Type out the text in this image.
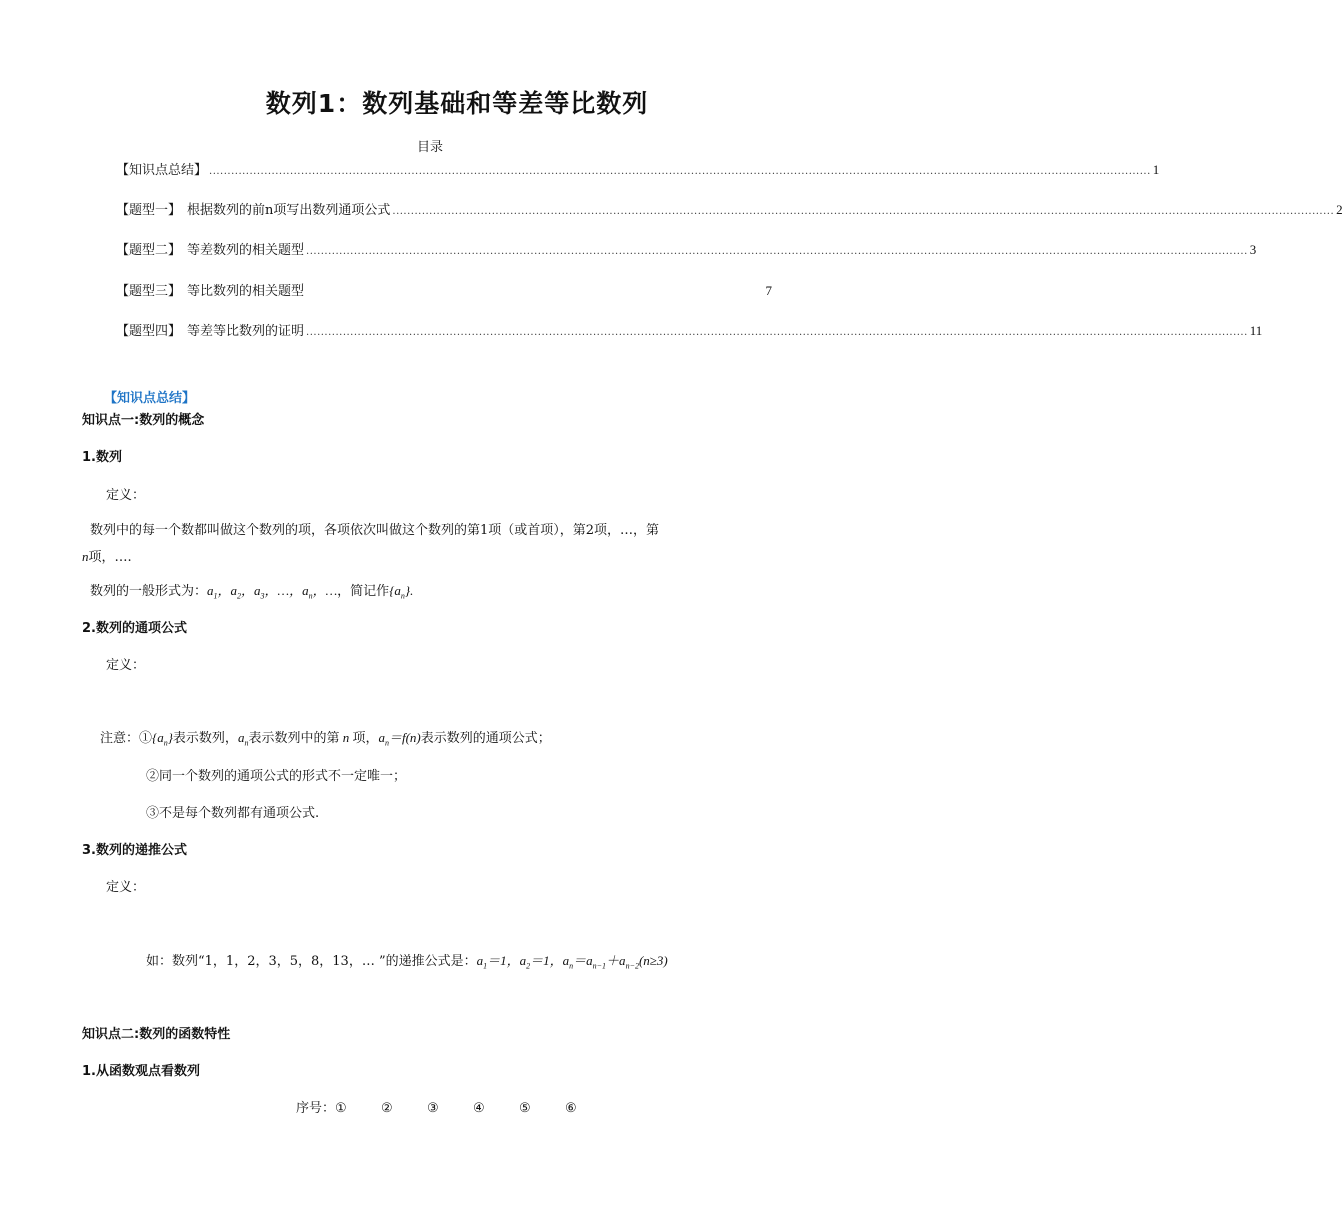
数列1：数列基础和等差等比数列
目录
【知识点总结】 ................................................................................................................................................................................................................................................................ 1
【题型一】 根据数列的前n项写出数列通项公式 ................................................................................................................................................................................................................................................................ 2
【题型二】 等差数列的相关题型 ................................................................................................................................................................................................................................................................ 3
【题型三】 等比数列的相关题型	7
【题型四】 等差等比数列的证明 ................................................................................................................................................................................................................................................................ 11
【知识点总结】
知识点一:数列的概念
1.数列
定义：
数列中的每一个数都叫做这个数列的项，各项依次叫做这个数列的第1项（或首项），第2项，…，第
n项，….
数列的一般形式为：$a_1$，$a_2$，$a_3$，…，$a_n$，…，简记作$\{a_n\}$.
2.数列的通项公式
定义：
注意：$①\{a_n\}$表示数列，$a_n$表示数列中的第 n 项，$a_n=f(n)$表示数列的通项公式；
②同一个数列的通项公式的形式不一定唯一；
③不是每个数列都有通项公式.
3.数列的递推公式
定义：
如：数列“1，1，2，3，5，8，13，… ”的递推公式是：$a_1=1$，$a_2=1$，$a_n=a_{n-1}+a_{n-2}(n\ge 3)$
知识点二:数列的函数特性
1.从函数观点看数列
序号：①	②	③	④	⑤	⑥
